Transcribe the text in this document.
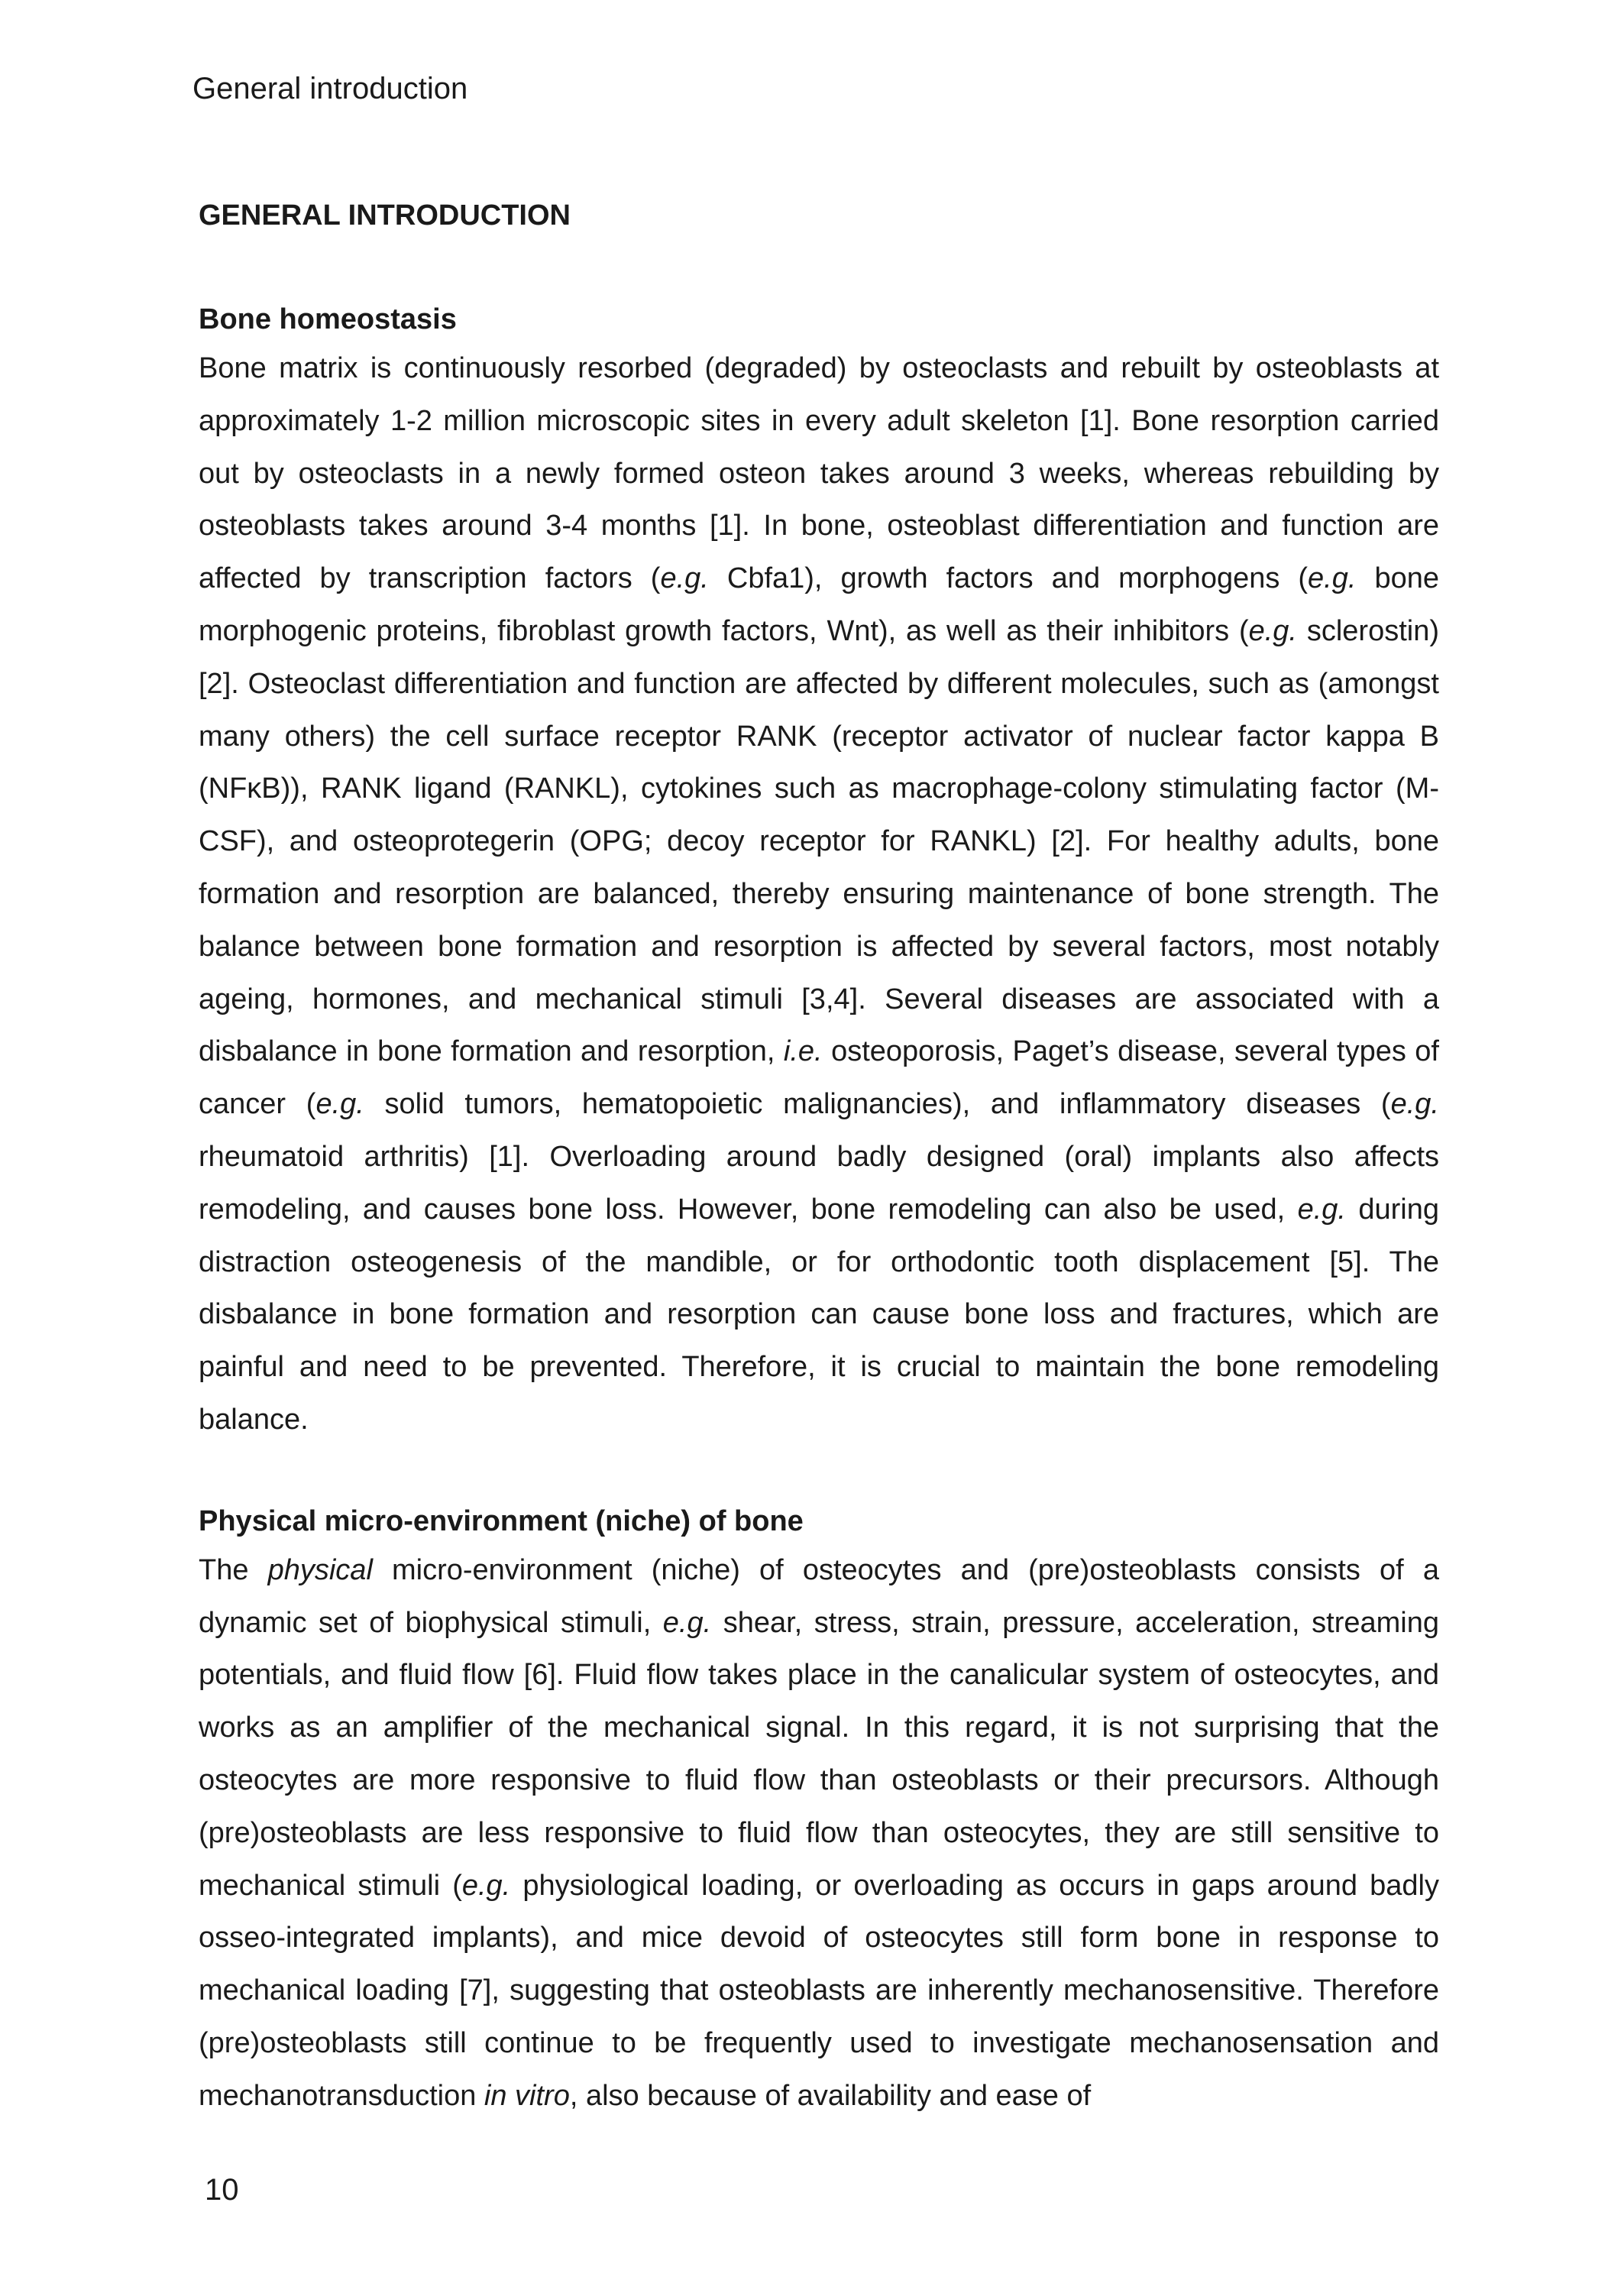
General introduction
GENERAL INTRODUCTION
Bone homeostasis

Bone matrix is continuously resorbed (degraded) by osteoclasts and rebuilt by osteoblasts at approximately 1-2 million microscopic sites in every adult skeleton [1]. Bone resorption carried out by osteoclasts in a newly formed osteon takes around 3 weeks, whereas rebuilding by osteoblasts takes around 3-4 months [1]. In bone, osteoblast differentiation and function are affected by transcription factors (e.g. Cbfa1), growth factors and morphogens (e.g. bone morphogenic proteins, fibroblast growth factors, Wnt), as well as their inhibitors (e.g. sclerostin) [2]. Osteoclast differentiation and function are affected by different molecules, such as (amongst many others) the cell surface receptor RANK (receptor activator of nuclear factor kappa B (NFκB)), RANK ligand (RANKL), cytokines such as macrophage-colony stimulating factor (M-CSF), and osteoprotegerin (OPG; decoy receptor for RANKL) [2]. For healthy adults, bone formation and resorption are balanced, thereby ensuring maintenance of bone strength. The balance between bone formation and resorption is affected by several factors, most notably ageing, hormones, and mechanical stimuli [3,4]. Several diseases are associated with a disbalance in bone formation and resorption, i.e. osteoporosis, Paget’s disease, several types of cancer (e.g. solid tumors, hematopoietic malignancies), and inflammatory diseases (e.g. rheumatoid arthritis) [1]. Overloading around badly designed (oral) implants also affects remodeling, and causes bone loss. However, bone remodeling can also be used, e.g. during distraction osteogenesis of the mandible, or for orthodontic tooth displacement [5]. The disbalance in bone formation and resorption can cause bone loss and fractures, which are painful and need to be prevented. Therefore, it is crucial to maintain the bone remodeling balance.

Physical micro-environment (niche) of bone

The physical micro-environment (niche) of osteocytes and (pre)osteoblasts consists of a dynamic set of biophysical stimuli, e.g. shear, stress, strain, pressure, acceleration, streaming potentials, and fluid flow [6]. Fluid flow takes place in the canalicular system of osteocytes, and works as an amplifier of the mechanical signal. In this regard, it is not surprising that the osteocytes are more responsive to fluid flow than osteoblasts or their precursors. Although (pre)osteoblasts are less responsive to fluid flow than osteocytes, they are still sensitive to mechanical stimuli (e.g. physiological loading, or overloading as occurs in gaps around badly osseo-integrated implants), and mice devoid of osteocytes still form bone in response to mechanical loading [7], suggesting that osteoblasts are inherently mechanosensitive. Therefore (pre)osteoblasts still continue to be frequently used to investigate mechanosensation and mechanotransduction in vitro, also because of availability and ease of

10
